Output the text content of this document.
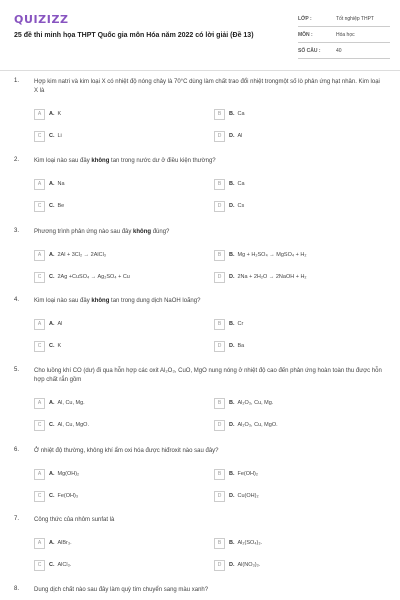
QUIZIZZ
25 đề thi minh họa THPT Quốc gia môn Hóa năm 2022 có lời giải (Đề 13)
LỚP :	Tốt nghiệp THPT
MÔN :	Hóa học
SỐ CÂU :	40
1. Hợp kim natri và kim loại X có nhiệt độ nóng chảy là 70°C dùng làm chất trao đổi nhiệt trongmột số lò phản ứng hạt nhân. Kim loại X là
A	A. K	B	B. Ca
C	C. Li	D	D. Al
2. Kim loại nào sau đây không tan trong nước dư ở điều kiện thường?
A	A. Na	B	B. Ca
C	C. Be	D	D. Cs
3. Phương trình phản ứng nào sau đây không đúng?
A	A. 2Al + 3Cl₂ → 2AlCl₃	B	B. Mg + H₂SO₄ → MgSO₄ + H₂
C	C. 2Ag +CuSO₄ → Ag₂SO₄ + Cu	D	D. 2Na + 2H₂O → 2NaOH + H₂
4. Kim loại nào sau đây không tan trong dung dịch NaOH loãng?
A	A. Al	B	B. Cr
C	C. K	D	D. Ba
5. Cho luồng khí CO (dư) đi qua hỗn hợp các oxit Al₂O₃, CuO, MgO nung nóng ở nhiệt độ cao đến phản ứng hoàn toàn thu được hỗn hợp chất rắn gồm
A	A. Al, Cu, Mg.	B	B. Al₂O₃, Cu, Mg.
C	C. Al, Cu, MgO.	D	D. Al₂O₃, Cu, MgO.
6. Ở nhiệt độ thường, không khí ẩm oxi hóa được hiđroxit nào sau đây?
A	A. Mg(OH)₂	B	B. Fe(OH)₂
C	C. Fe(OH)₃	D	D. Cu(OH)₂
7. Công thức của nhôm sunfat là
A	A. AlBr₃.	B	B. Al₂(SO₄)₃.
C	C. AlCl₃.	D	D. Al(NO₃)₃.
8. Dung dịch chất nào sau đây làm quỳ tím chuyển sang màu xanh?
